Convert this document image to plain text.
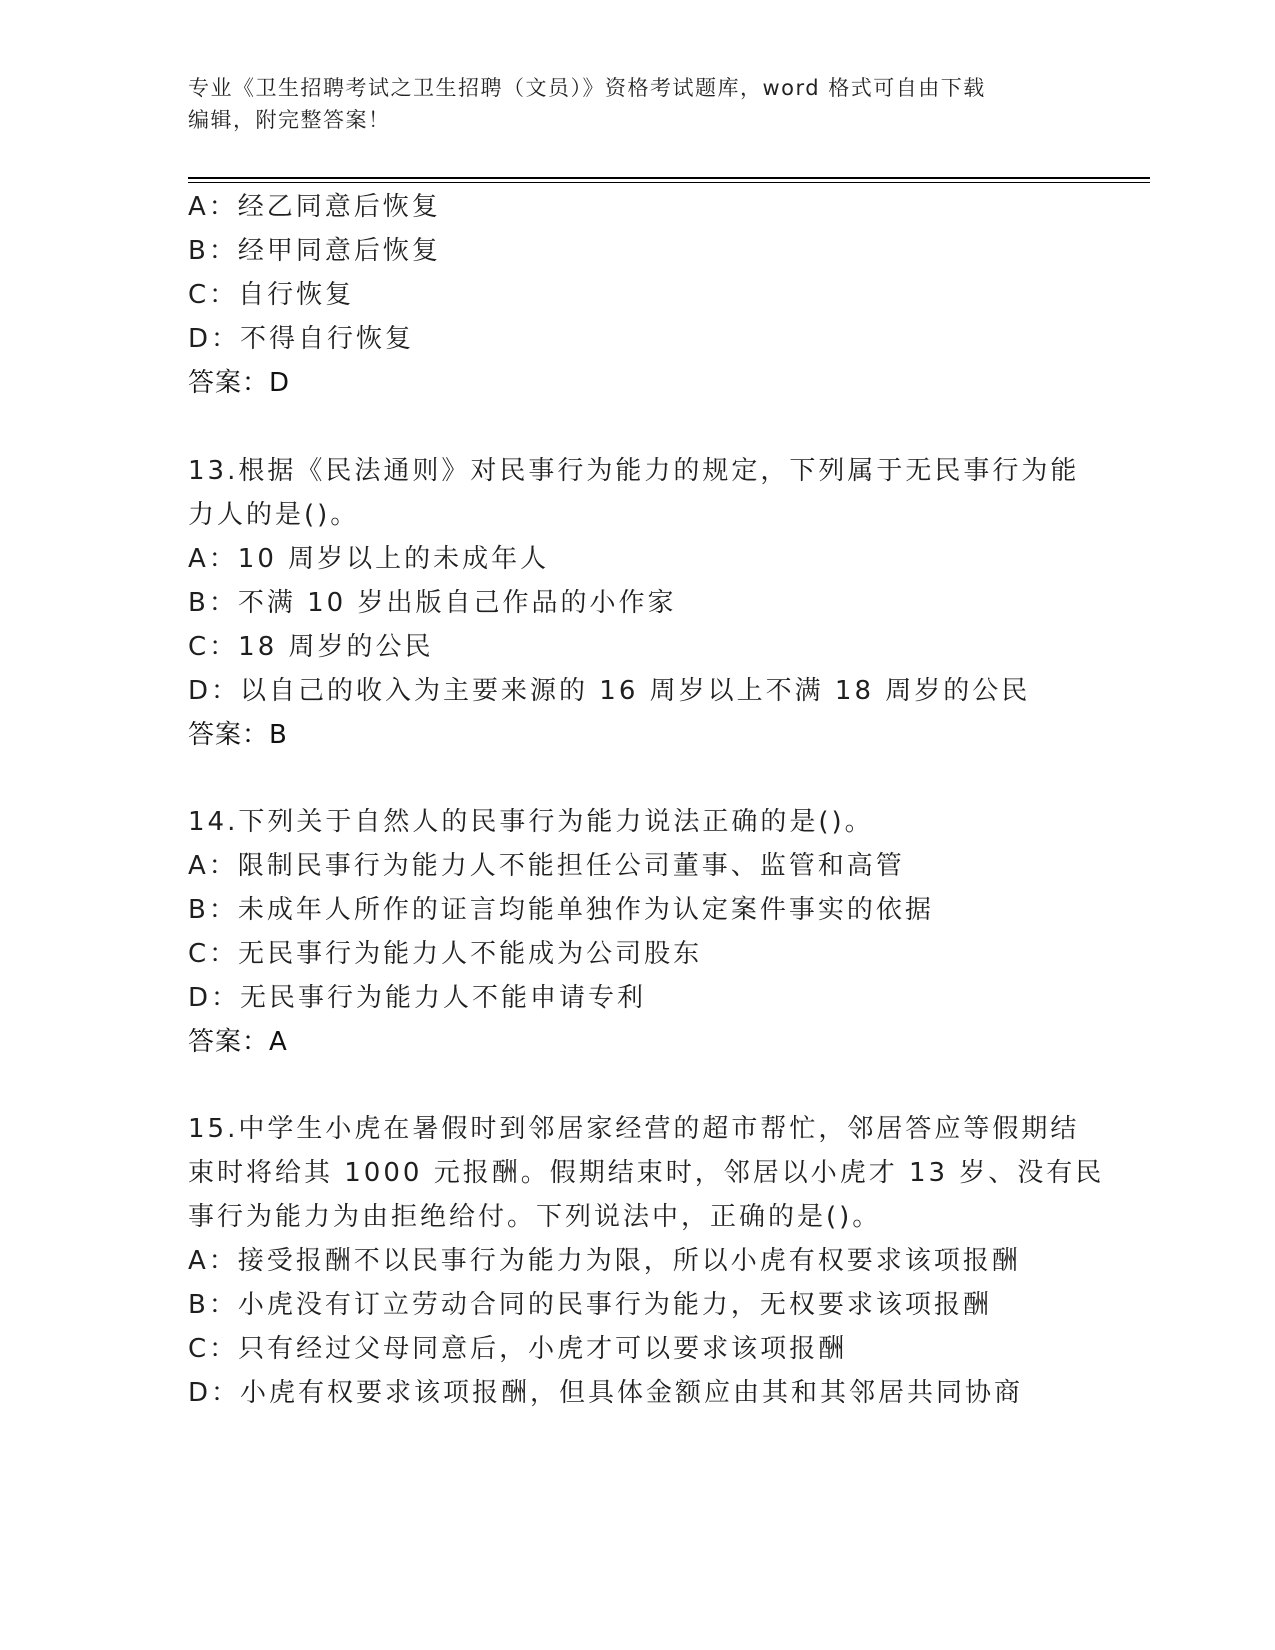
专业《卫生招聘考试之卫生招聘（文员）》资格考试题库，word 格式可自由下载
编辑，附完整答案！
A：经乙同意后恢复
B：经甲同意后恢复
C：自行恢复
D：不得自行恢复
答案：D
13.根据《民法通则》对民事行为能力的规定，下列属于无民事行为能
力人的是()。
A：10 周岁以上的未成年人
B：不满 10 岁出版自己作品的小作家
C：18 周岁的公民
D：以自己的收入为主要来源的 16 周岁以上不满 18 周岁的公民
答案：B
14.下列关于自然人的民事行为能力说法正确的是()。
A：限制民事行为能力人不能担任公司董事、监管和高管
B：未成年人所作的证言均能单独作为认定案件事实的依据
C：无民事行为能力人不能成为公司股东
D：无民事行为能力人不能申请专利
答案：A
15.中学生小虎在暑假时到邻居家经营的超市帮忙，邻居答应等假期结
束时将给其 1000 元报酬。假期结束时，邻居以小虎才 13 岁、没有民
事行为能力为由拒绝给付。下列说法中，正确的是()。
A：接受报酬不以民事行为能力为限，所以小虎有权要求该项报酬
B：小虎没有订立劳动合同的民事行为能力，无权要求该项报酬
C：只有经过父母同意后，小虎才可以要求该项报酬
D：小虎有权要求该项报酬，但具体金额应由其和其邻居共同协商
